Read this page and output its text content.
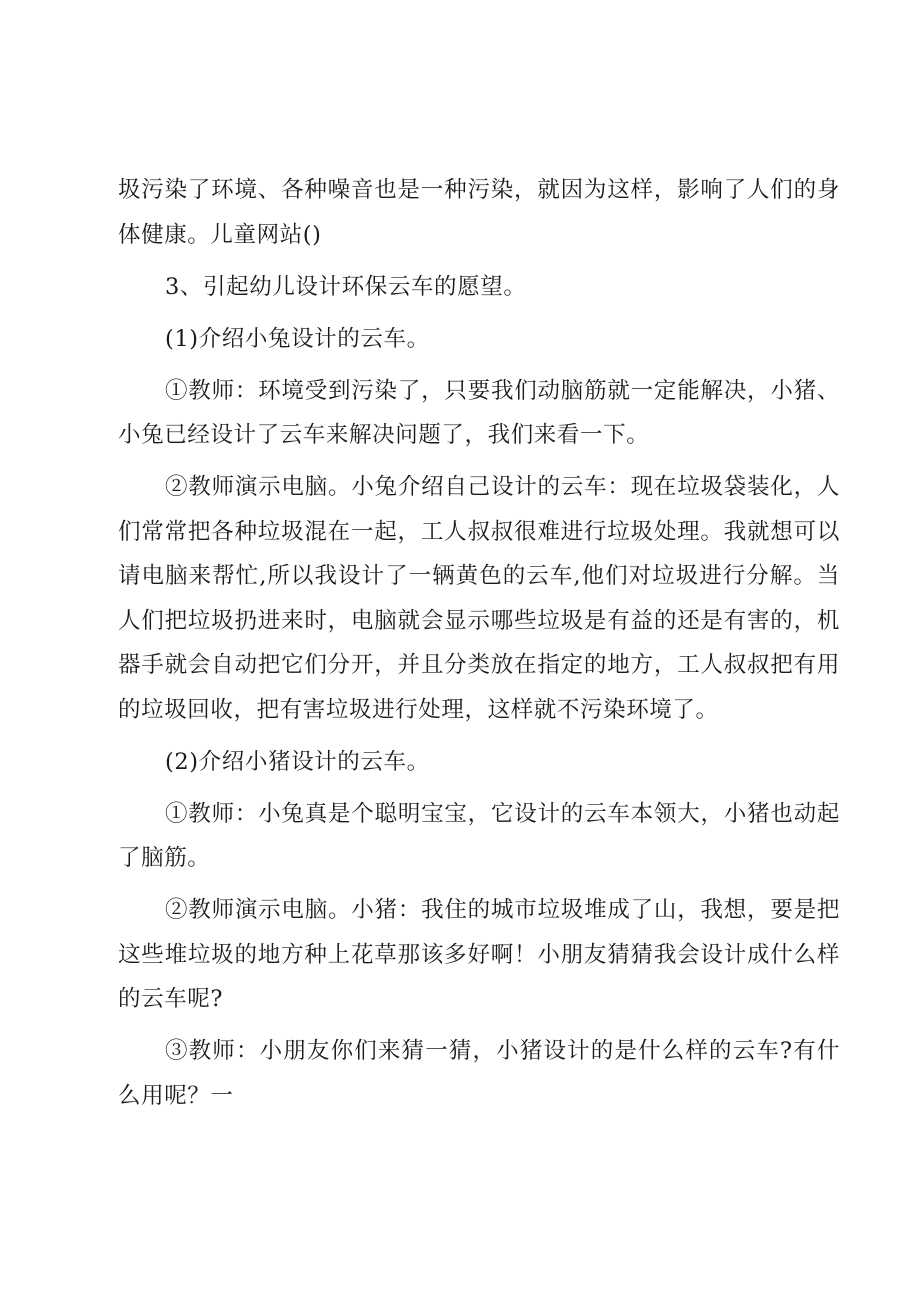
圾污染了环境、各种噪音也是一种污染，就因为这样，影响了人们的身体健康。儿童网站()

3、引起幼儿设计环保云车的愿望。

(1)介绍小兔设计的云车。

①教师：环境受到污染了，只要我们动脑筋就一定能解决，小猪、小兔已经设计了云车来解决问题了，我们来看一下。

②教师演示电脑。小兔介绍自己设计的云车：现在垃圾袋装化，人们常常把各种垃圾混在一起，工人叔叔很难进行垃圾处理。我就想可以请电脑来帮忙,所以我设计了一辆黄色的云车,他们对垃圾进行分解。当人们把垃圾扔进来时，电脑就会显示哪些垃圾是有益的还是有害的，机器手就会自动把它们分开，并且分类放在指定的地方，工人叔叔把有用的垃圾回收，把有害垃圾进行处理，这样就不污染环境了。

(2)介绍小猪设计的云车。

①教师：小兔真是个聪明宝宝，它设计的云车本领大，小猪也动起了脑筋。

②教师演示电脑。小猪：我住的城市垃圾堆成了山，我想，要是把这些堆垃圾的地方种上花草那该多好啊！小朋友猜猜我会设计成什么样的云车呢?

③教师：小朋友你们来猜一猜，小猪设计的是什么样的云车?有什么用呢？一
